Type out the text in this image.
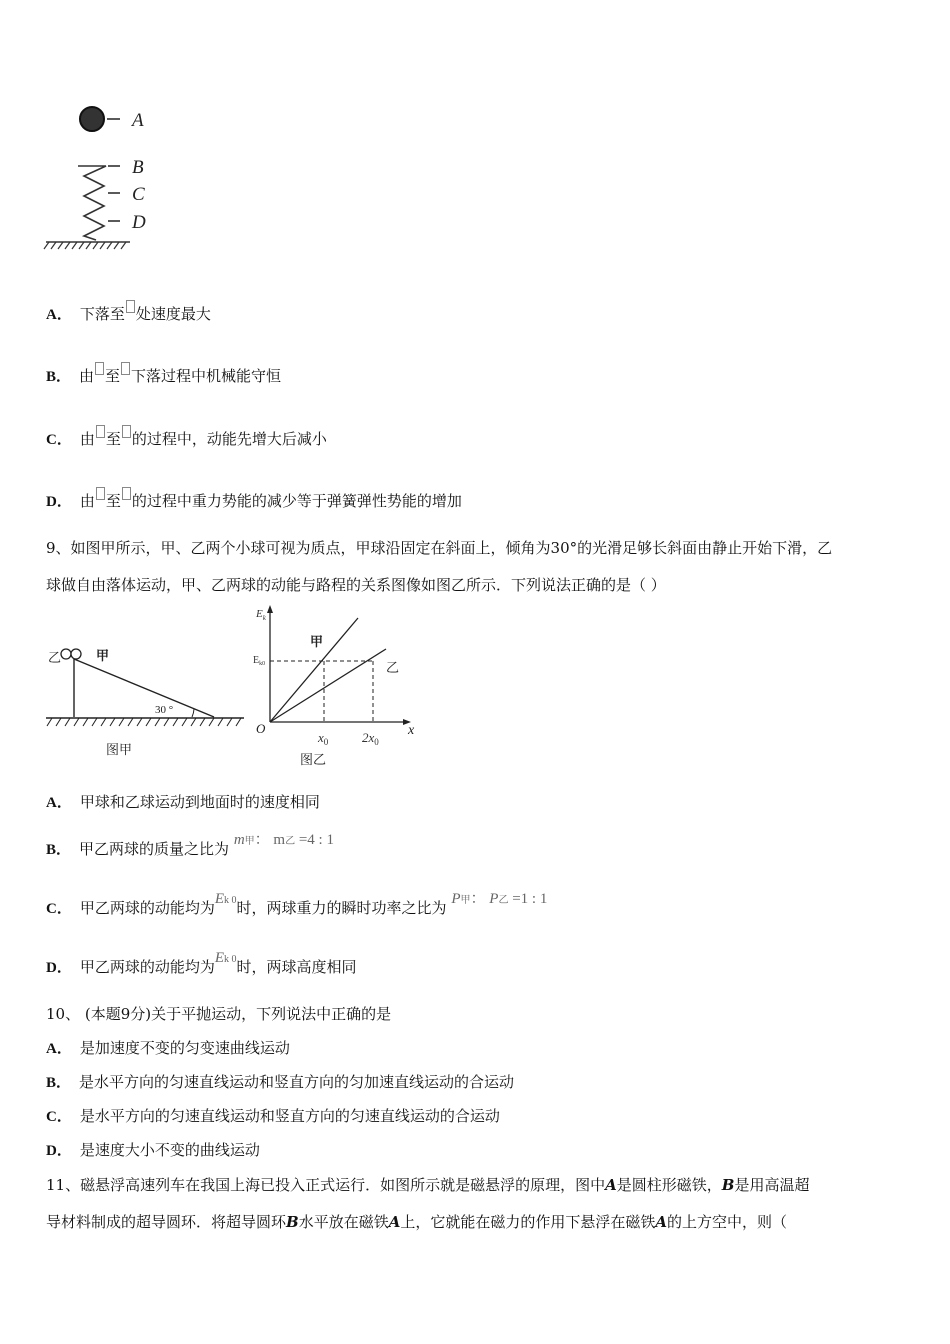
A
B
C
D
A． 下落至 处速度最大
B． 由 至 下落过程中机械能守恒
C． 由 至 的过程中，动能先增大后减小
D． 由 至 的过程中重力势能的减少等于弹簧弹性势能的增加
9、如图甲所示，甲、乙两个小球可视为质点，甲球沿固定在斜面上，倾角为30°的光滑足够长斜面由静止开始下滑，乙
球做自由落体运动，甲、乙两球的动能与路程的关系图像如图乙所示．下列说法正确的是（ ）
乙	甲
30 °
图甲
$E_k$
$E_{k0}$
甲
乙
O	x
$x_0$	$2x_0$
图乙
A． 甲球和乙球运动到地面时的速度相同
B． 甲乙两球的质量之比为 m甲： m乙 =4 : 1
C． 甲乙两球的动能均为Ek 0时，两球重力的瞬时功率之比为 P甲： P乙 =1 : 1
D． 甲乙两球的动能均为Ek 0时，两球高度相同
10、 (本题9分)关于平抛运动，下列说法中正确的是
A． 是加速度不变的匀变速曲线运动
B． 是水平方向的匀速直线运动和竖直方向的匀加速直线运动的合运动
C． 是水平方向的匀速直线运动和竖直方向的匀速直线运动的合运动
D． 是速度大小不变的曲线运动
11、磁悬浮高速列车在我国上海已投入正式运行．如图所示就是磁悬浮的原理，图中A是圆柱形磁铁，B是用高温超
导材料制成的超导圆环．将超导圆环B水平放在磁铁A上，它就能在磁力的作用下悬浮在磁铁A的上方空中，则（
